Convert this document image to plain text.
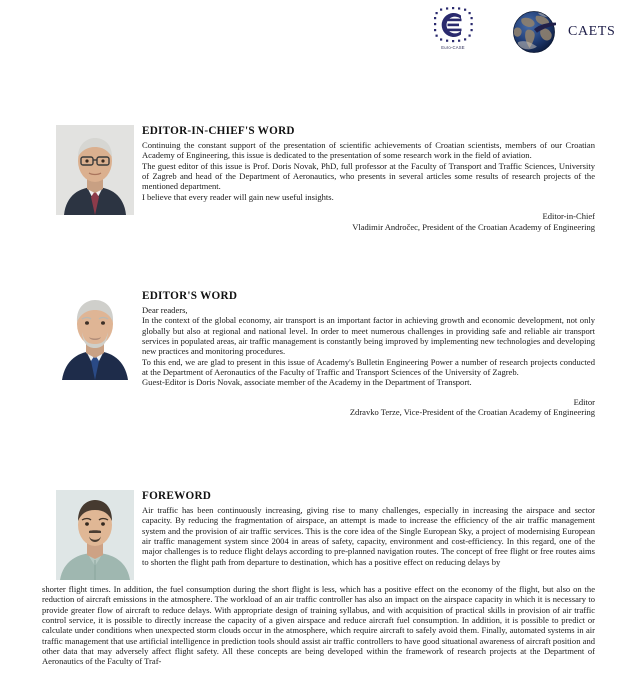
Euro-CASE
CAETS
EDITOR-IN-CHIEF'S WORD

Continuing the constant support of the presentation of scientific achievements of Croatian scientists, members of our Croatian Academy of Engineering, this issue is dedicated to the presentation of some research work in the field of aviation.

The guest editor of this issue is Prof. Doris Novak, PhD, full professor at the Faculty of Transport and Traffic Sciences, University of Zagreb and head of the Department of Aeronautics, who presents in several articles some results of research projects of the mentioned department.

I believe that every reader will gain new useful insights.

Editor-in-Chief
Vladimir Andročec, President of the Croatian Academy of Engineering
EDITOR'S WORD

Dear readers,

In the context of the global economy, air transport is an important factor in achieving growth and economic development, not only globally but also at regional and national level. In order to meet numerous challenges in providing safe and reliable air transport services in populated areas, air traffic management is constantly being improved by implementing new technologies and developing new practices and monitoring procedures.

To this end, we are glad to present in this issue of Academy's Bulletin Engineering Power a number of research projects conducted at the Department of Aeronautics of the Faculty of Traffic and Transport Sciences of the University of Zagreb.

Guest-Editor is Doris Novak, associate member of the Academy in the Department of Transport.

Editor
Zdravko Terze, Vice-President of the Croatian Academy of Engineering
FOREWORD

Air traffic has been continuously increasing, giving rise to many challenges, especially in increasing the airspace and sector capacity. By reducing the fragmentation of airspace, an attempt is made to increase the efficiency of the air traffic management system and the provision of air traffic services. This is the core idea of the Single European Sky, a project of modernising European air traffic management system since 2004 in areas of safety, capacity, environment and cost-efficiency. In this regard, one of the major challenges is to reduce flight delays according to pre-planned navigation routes. The concept of free flight or free routes aims to shorten the flight path from departure to destination, which has a positive effect on reducing delays by

shorter flight times. In addition, the fuel consumption during the short flight is less, which has a positive effect on the economy of the flight, but also on the reduction of aircraft emissions in the atmosphere. The workload of an air traffic controller has also an impact on the airspace capacity in which it is necessary to provide greater flow of aircraft to reduce delays. With appropriate design of training syllabus, and with acquisition of practical skills in provision of air traffic control service, it is possible to directly increase the capacity of a given airspace and reduce aircraft fuel consumption. In addition, it is possible to predict or calculate under conditions when unexpected storm clouds occur in the atmosphere, which require aircraft to safely avoid them. Finally, automated systems in air traffic management that use artificial intelligence in prediction tools should assist air traffic controllers to have good situational awareness of aircraft position and other data that may adversely affect flight safety. All these concepts are being developed within the framework of research projects at the Department of Aeronautics of the Faculty of Traf-
